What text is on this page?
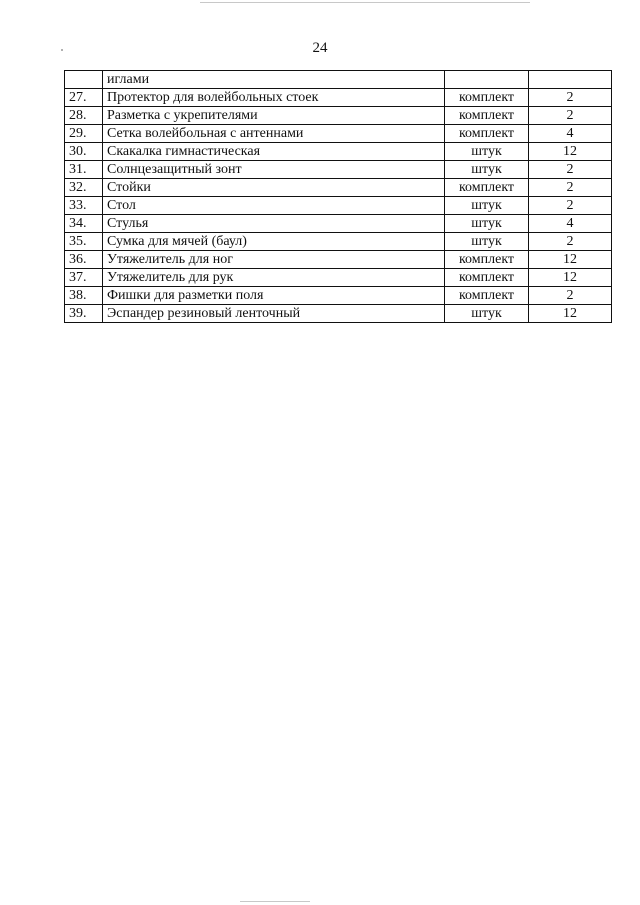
24
	иглами		
27.	Протектор для волейбольных стоек	комплект	2
28.	Разметка с укрепителями	комплект	2
29.	Сетка волейбольная с антеннами	комплект	4
30.	Скакалка гимнастическая	штук	12
31.	Солнцезащитный зонт	штук	2
32.	Стойки	комплект	2
33.	Стол	штук	2
34.	Стулья	штук	4
35.	Сумка для мячей (баул)	штук	2
36.	Утяжелитель для ног	комплект	12
37.	Утяжелитель для рук	комплект	12
38.	Фишки для разметки поля	комплект	2
39.	Эспандер резиновый ленточный	штук	12
